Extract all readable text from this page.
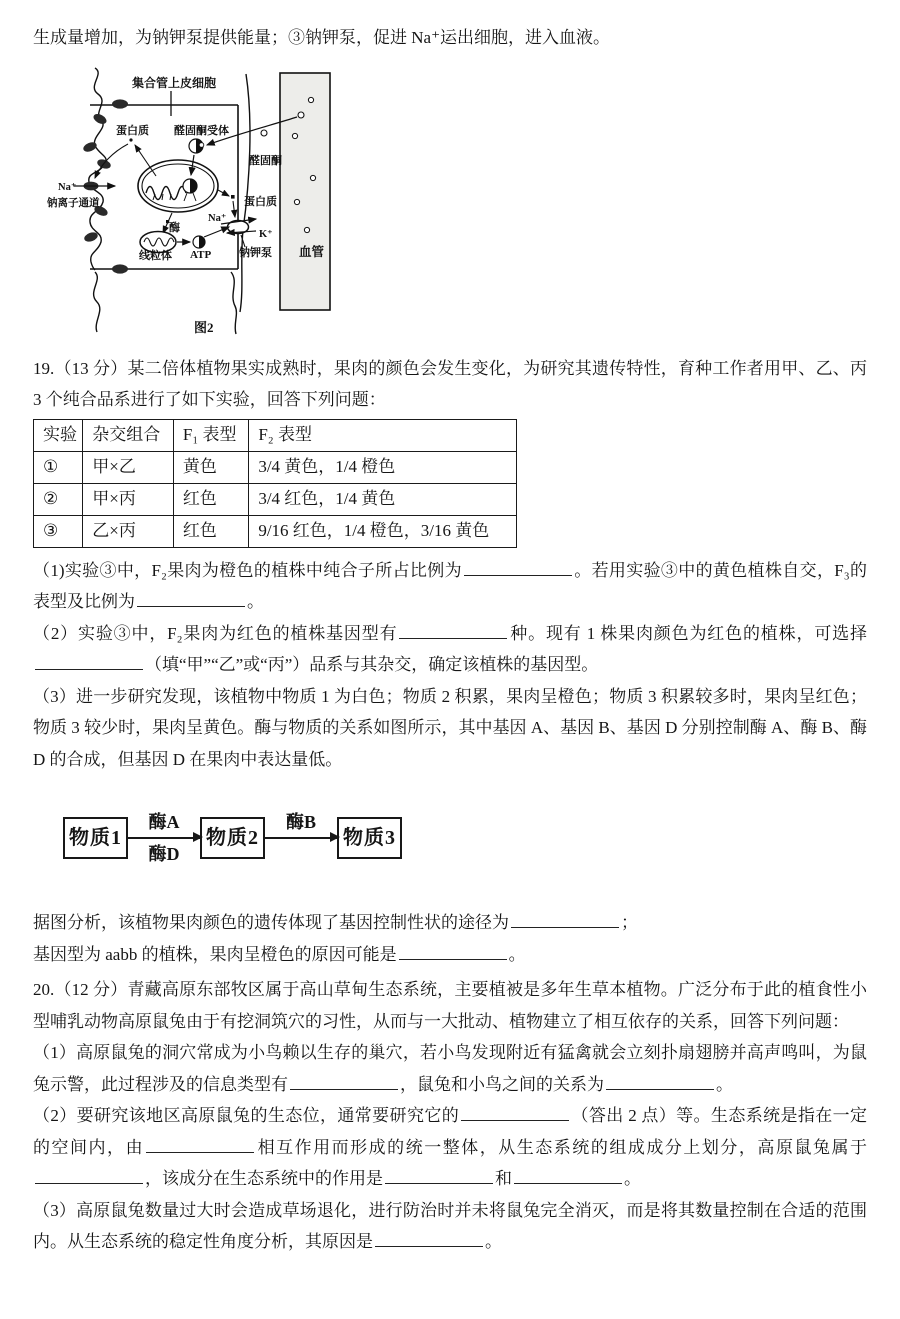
生成量增加，为钠钾泵提供能量；③钠钾泵，促进 Na⁺运出细胞，进入血液。
血管
集合管上皮细胞
醛固酮受体
醛固酮
蛋白质
Na⁺
钠离子通道	蛋白质
Na⁺
K⁺
钠钾泵
酶
线粒体 ATP
图2
19.（13 分）某二倍体植物果实成熟时，果肉的颜色会发生变化，为研究其遗传特性，育种工作者用甲、乙、丙 3 个纯合品系进行了如下实验，回答下列问题：
实验	杂交组合	F₁ 表型	F₂ 表型
①	甲×乙	黄色	3/4 黄色，1/4 橙色
②	甲×丙	红色	3/4 红色，1/4 黄色
③	乙×丙	红色	9/16 红色，1/4 橙色，3/16 黄色
（1)实验③中，F₂果肉为橙色的植株中纯合子所占比例为	。若用实验③中的黄色植株自交，F₃的表型及比例为	。
（2）实验③中，F₂果肉为红色的植株基因型有	种。现有 1 株果肉颜色为红色的植株，可选择（填“甲”“乙”或“丙”）品系与其杂交，确定该植株的基因型。
（3）进一步研究发现，该植物中物质 1 为白色；物质 2 积累，果肉呈橙色；物质 3 积累较多时，果肉呈红色；物质 3 较少时，果肉呈黄色。酶与物质的关系如图所示，其中基因 A、基因 B、基因 D 分别控制酶 A、酶 B、酶 D 的合成，但基因 D 在果肉中表达量低。
物质1
酶A
酶D
物质2
酶B
物质3
据图分析，该植物果肉颜色的遗传体现了基因控制性状的途径为	；
基因型为 aabb 的植株，果肉呈橙色的原因可能是	。
20.（12 分）青藏高原东部牧区属于高山草甸生态系统，主要植被是多年生草本植物。广泛分布于此的植食性小型哺乳动物高原鼠兔由于有挖洞筑穴的习性，从而与一大批动、植物建立了相互依存的关系，回答下列问题：
（1）高原鼠兔的洞穴常成为小鸟赖以生存的巢穴，若小鸟发现附近有猛禽就会立刻扑扇翅膀并高声鸣叫，为鼠兔示警，此过程涉及的信息类型有	，鼠兔和小鸟之间的关系为	。
（2）要研究该地区高原鼠兔的生态位，通常要研究它的	（答出 2 点）等。生态系统是指在一定的空间内，由	相互作用而形成的统一整体，从生态系统的组成成分上划分，高原鼠兔属于，该成分在生态系统中的作用是	和	。
（3）高原鼠兔数量过大时会造成草场退化，进行防治时并未将鼠兔完全消灭，而是将其数量控制在合适的范围内。从生态系统的稳定性角度分析，其原因是	。
